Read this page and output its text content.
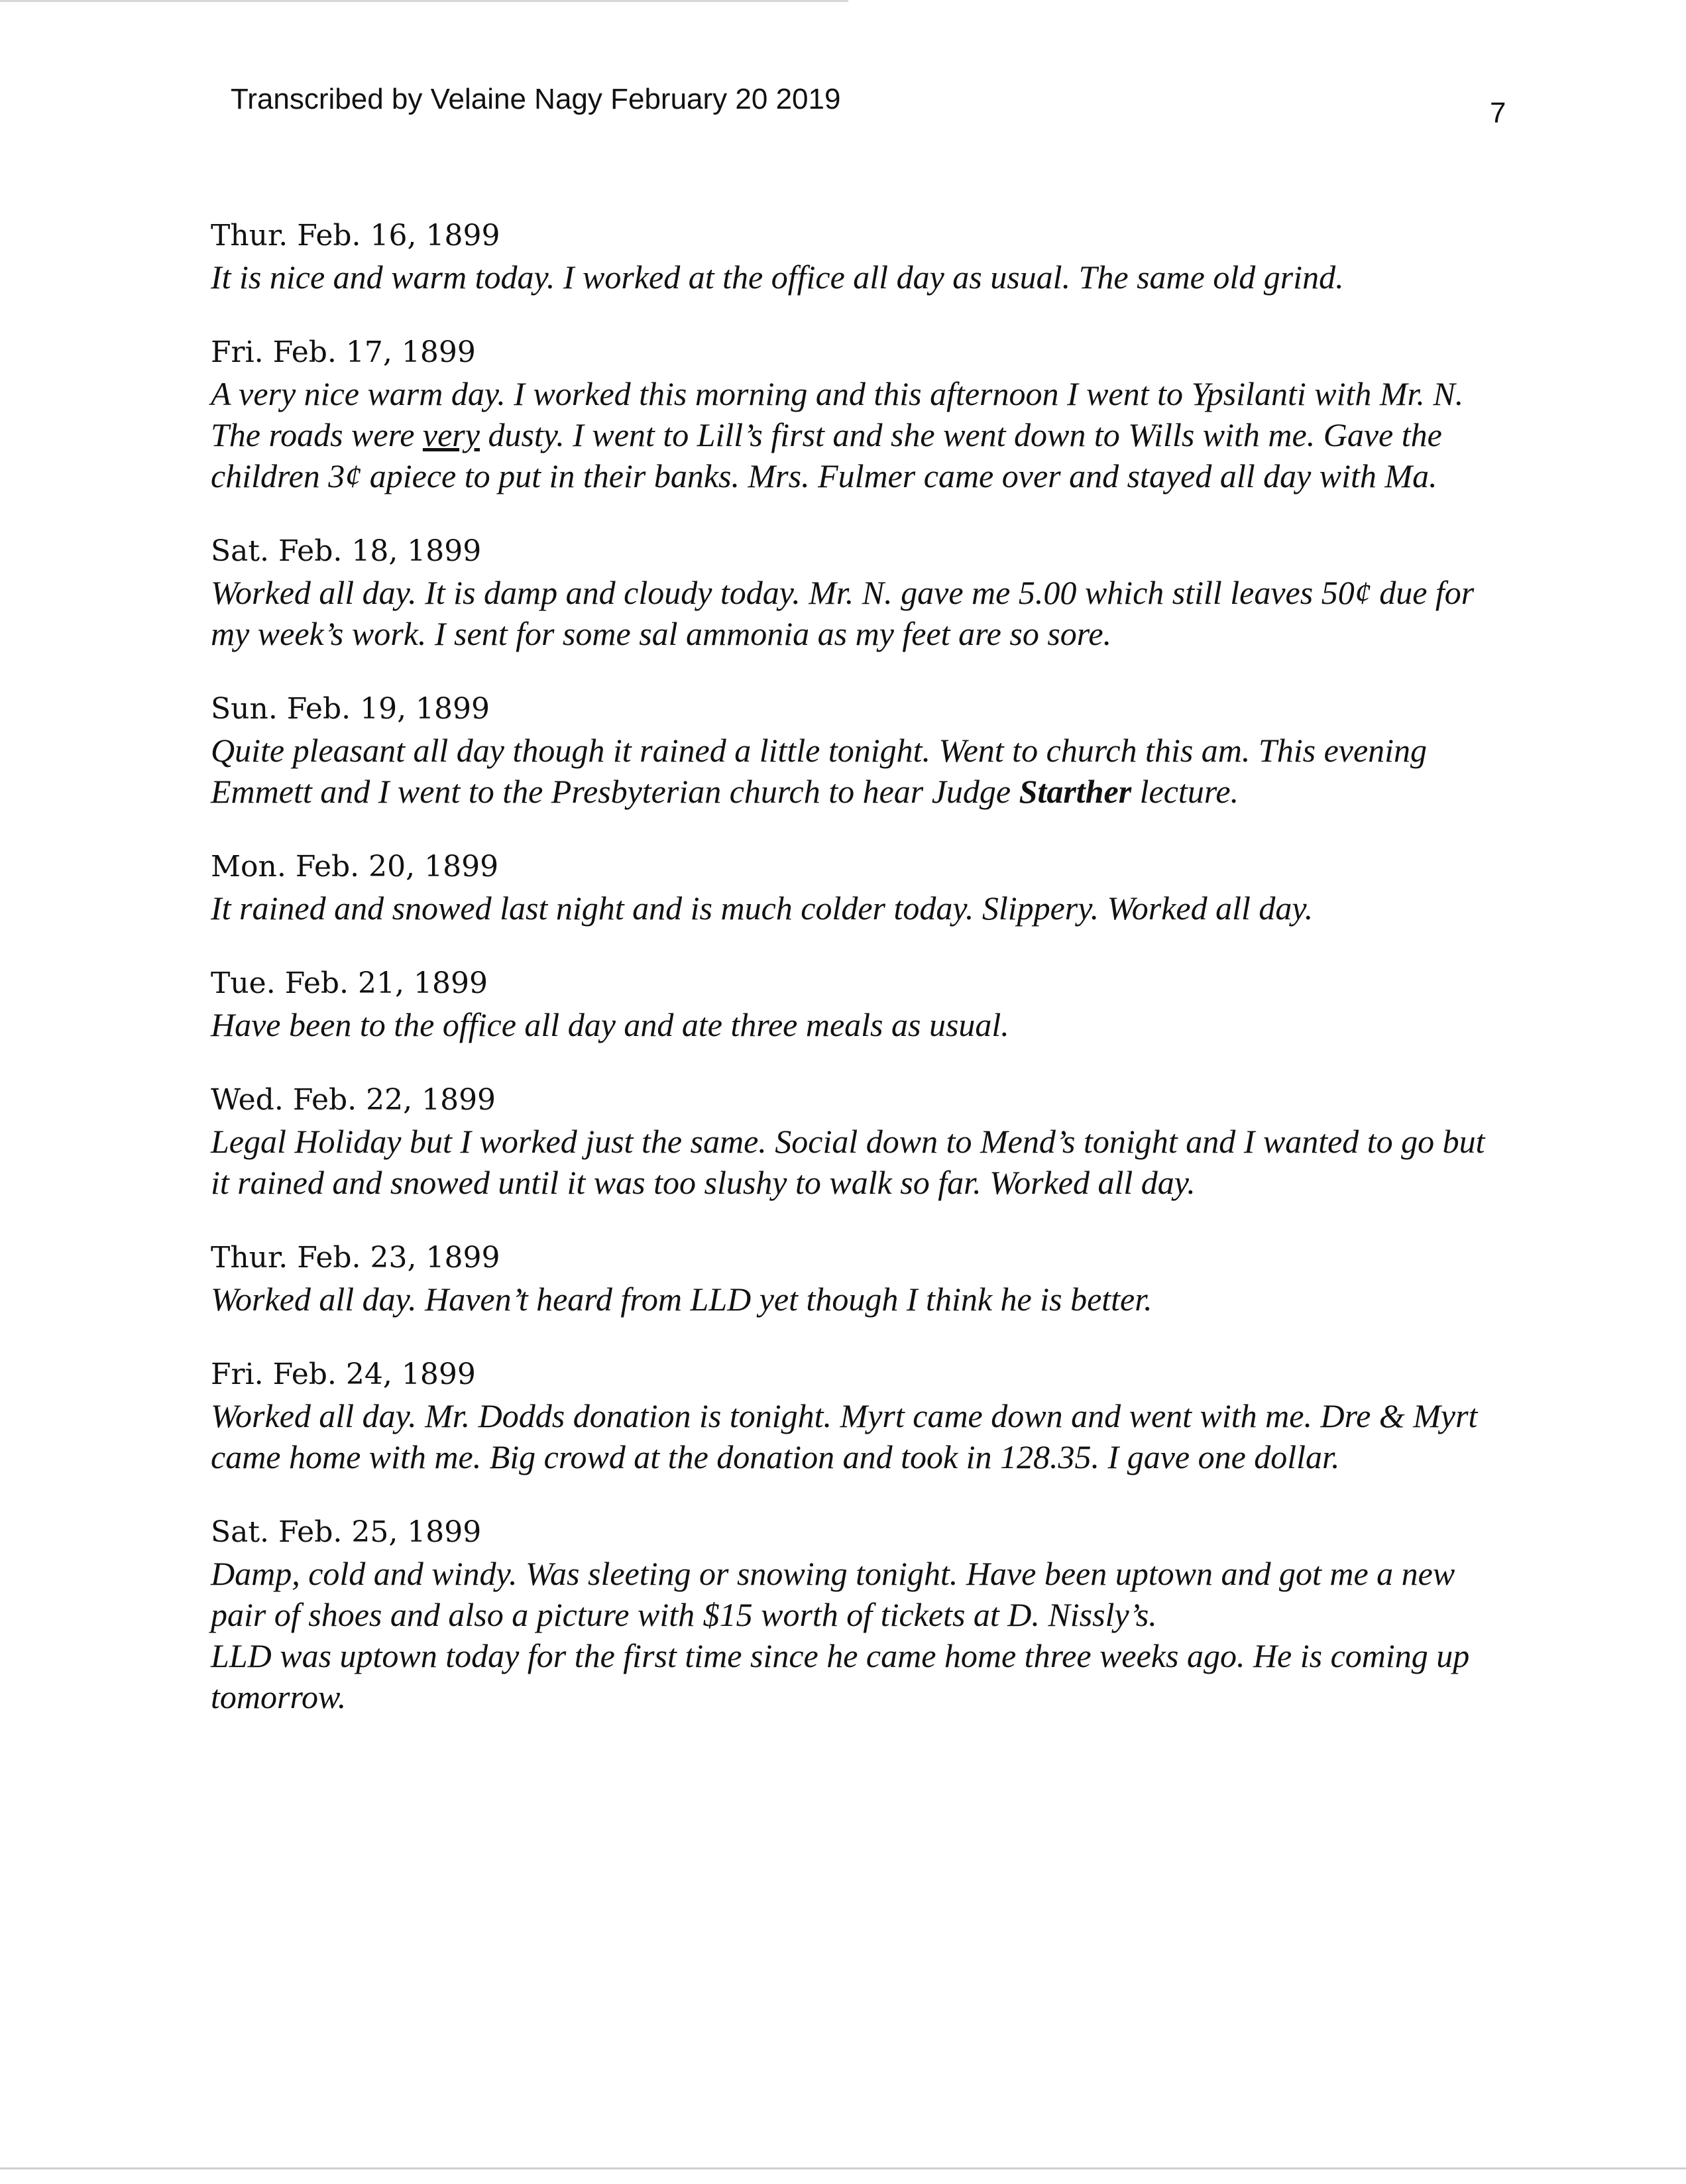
Transcribed by Velaine Nagy February 20 2019	7
Thur. Feb. 16, 1899
It is nice and warm today. I worked at the office all day as usual. The same old grind.
Fri. Feb. 17, 1899
A very nice warm day. I worked this morning and this afternoon I went to Ypsilanti with Mr. N. The roads were very dusty. I went to Lill’s first and she went down to Wills with me. Gave the children 3¢ apiece to put in their banks. Mrs. Fulmer came over and stayed all day with Ma.
Sat. Feb. 18, 1899
Worked all day. It is damp and cloudy today. Mr. N. gave me 5.00 which still leaves 50¢ due for my week’s work. I sent for some sal ammonia as my feet are so sore.
Sun. Feb. 19, 1899
Quite pleasant all day though it rained a little tonight. Went to church this am. This evening Emmett and I went to the Presbyterian church to hear Judge Starther lecture.
Mon. Feb. 20, 1899
It rained and snowed last night and is much colder today. Slippery. Worked all day.
Tue. Feb. 21, 1899
Have been to the office all day and ate three meals as usual.
Wed. Feb. 22, 1899
Legal Holiday but I worked just the same. Social down to Mend’s tonight and I wanted to go but it rained and snowed until it was too slushy to walk so far. Worked all day.
Thur. Feb. 23, 1899
Worked all day. Haven’t heard from LLD yet though I think he is better.
Fri. Feb. 24, 1899
Worked all day. Mr. Dodds donation is tonight. Myrt came down and went with me. Dre & Myrt came home with me. Big crowd at the donation and took in 128.35. I gave one dollar.
Sat. Feb. 25, 1899
Damp, cold and windy. Was sleeting or snowing tonight. Have been uptown and got me a new pair of shoes and also a picture with $15 worth of tickets at D. Nissly’s.
LLD was uptown today for the first time since he came home three weeks ago. He is coming up tomorrow.
